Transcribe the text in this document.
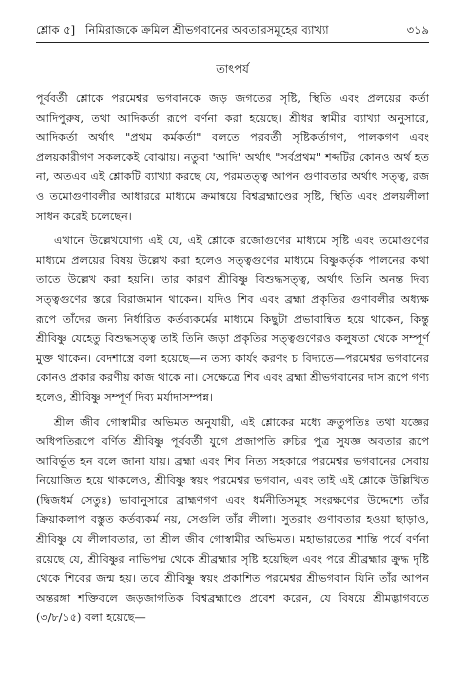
শ্লোক ৫] নিমিরাজকে ক্রমিল শ্রীভগবানের অবতারসমূহের ব্যাখ্যা	৩১৯
তাৎপর্য

পূর্ববর্তী শ্লোকে পরমেশ্বর ভগবানকে জড় জগতের সৃষ্টি, স্থিতি এবং প্রলয়ের কর্তা আদিপুরুষ, তথা আদিকর্তা রূপে বর্ণনা করা হয়েছে। শ্রীধর স্বামীর ব্যাখ্যা অনুসারে, আদিকর্তা অর্থাৎ "প্রথম কর্মকর্তা" বলতে পরবর্তী সৃষ্টিকর্তাগণ, পালকগণ এবং প্রলয়কারীগণ সকলকেই বোঝায়। নতুবা 'আদি' অর্থাৎ "সর্বপ্রথম" শব্দটির কোনও অর্থ হত না, অতএব এই শ্লোকটি ব্যাখ্যা করছে যে, পরমতত্ত্ব আপন গুণাবতার অর্থাৎ সত্ত্ব, রজ ও তমোগুণাবলীর আধাররে মাধ্যমে ক্রমান্বয়ে বিশ্বব্রহ্মাণ্ডের সৃষ্টি, স্থিতি এবং প্রলয়লীলা সাধন করেই চলেছেন।

এখানে উল্লেখযোগ্য এই যে, এই শ্লোকে রজোগুণের মাধ্যমে সৃষ্টি এবং তমোগুণের মাধ্যমে প্রলয়ের বিষয় উল্লেখ করা হলেও সত্ত্বগুণের মাধ্যমে বিষ্ণুকর্তৃক পালনের কথা তাতে উল্লেখ করা হয়নি। তার কারণ শ্রীবিষ্ণু বিশুদ্ধসত্ত্ব, অর্থাৎ তিনি অনন্ত দিব্য সত্ত্বগুণের স্তরে বিরাজমান থাকেন। যদিও শিব এবং ব্রহ্মা প্রকৃতির গুণাবলীর অধ্যক্ষ রূপে তাঁদের জন্য নির্ধারিত কর্তব্যকর্মের মাধ্যমে কিছুটা প্রভাবান্বিত হয়ে থাকেন, কিন্তু শ্রীবিষ্ণু যেহেতু বিশুদ্ধসত্ত্ব তাই তিনি জড়া প্রকৃতির সত্ত্বগুণেরও কলুষতা থেকে সম্পূর্ণ মুক্ত থাকেন। বেদশাস্ত্রে বলা হয়েছে—ন তস্য কার্যং করণং চ বিদ্যতে—পরমেশ্বর ভগবানের কোনও প্রকার করণীয় কাজ থাকে না। সেক্ষেত্রে শিব এবং ব্রহ্মা শ্রীভগবানের দাস রূপে গণ্য হলেও, শ্রীবিষ্ণু সম্পূর্ণ দিব্য মর্যাদাসম্পন্ন।

শ্রীল জীব গোস্বামীর অভিমত অনুযায়ী, এই শ্লোকের মধ্যে ক্রতুপতিঃ তথা যজ্ঞের অধিপতিরূপে বর্ণিত শ্রীবিষ্ণু পূর্ববর্তী যুগে প্রজাপতি রুচির পুত্র সুযজ্ঞ অবতার রূপে আবির্ভূত হন বলে জানা যায়। ব্রহ্মা এবং শিব নিত্য সহকারে পরমেশ্বর ভগবানের সেবায় নিয়োজিত হয়ে থাকলেও, শ্রীবিষ্ণু স্বয়ং পরমেশ্বর ভগবান, এবং তাই এই শ্লোকে উল্লিখিত (দ্বিজধর্ম সেতুঃ) ভাবানুসারে ব্রাহ্মণগণ এবং ধর্মনীতিসমূহ সংরক্ষণের উদ্দেশ্যে তাঁর ক্রিয়াকলাপ বস্তুত কর্তব্যকর্ম নয়, সেগুলি তাঁর লীলা। সুতরাং গুণাবতার হওয়া ছাড়াও, শ্রীবিষ্ণু যে লীলাবতার, তা শ্রীল জীব গোস্বামীর অভিমত। মহাভারতের শান্তি পর্বে বর্ণনা রয়েছে যে, শ্রীবিষ্ণুর নাভিপদ্ম থেকে শ্রীব্রহ্মার সৃষ্টি হয়েছিল এবং পরে শ্রীব্রহ্মার ক্রুদ্ধ দৃষ্টি থেকে শিবের জন্ম হয়। তবে শ্রীবিষ্ণু স্বয়ং প্রকাশিত পরমেশ্বর শ্রীভগবান যিনি তাঁর আপন অন্তরঙ্গা শক্তিবলে জড়জাগতিক বিশ্বব্রহ্মাণ্ডে প্রবেশ করেন, যে বিষয়ে শ্রীমদ্ভাগবতে (৩/৮/১৫) বলা হয়েছে—
